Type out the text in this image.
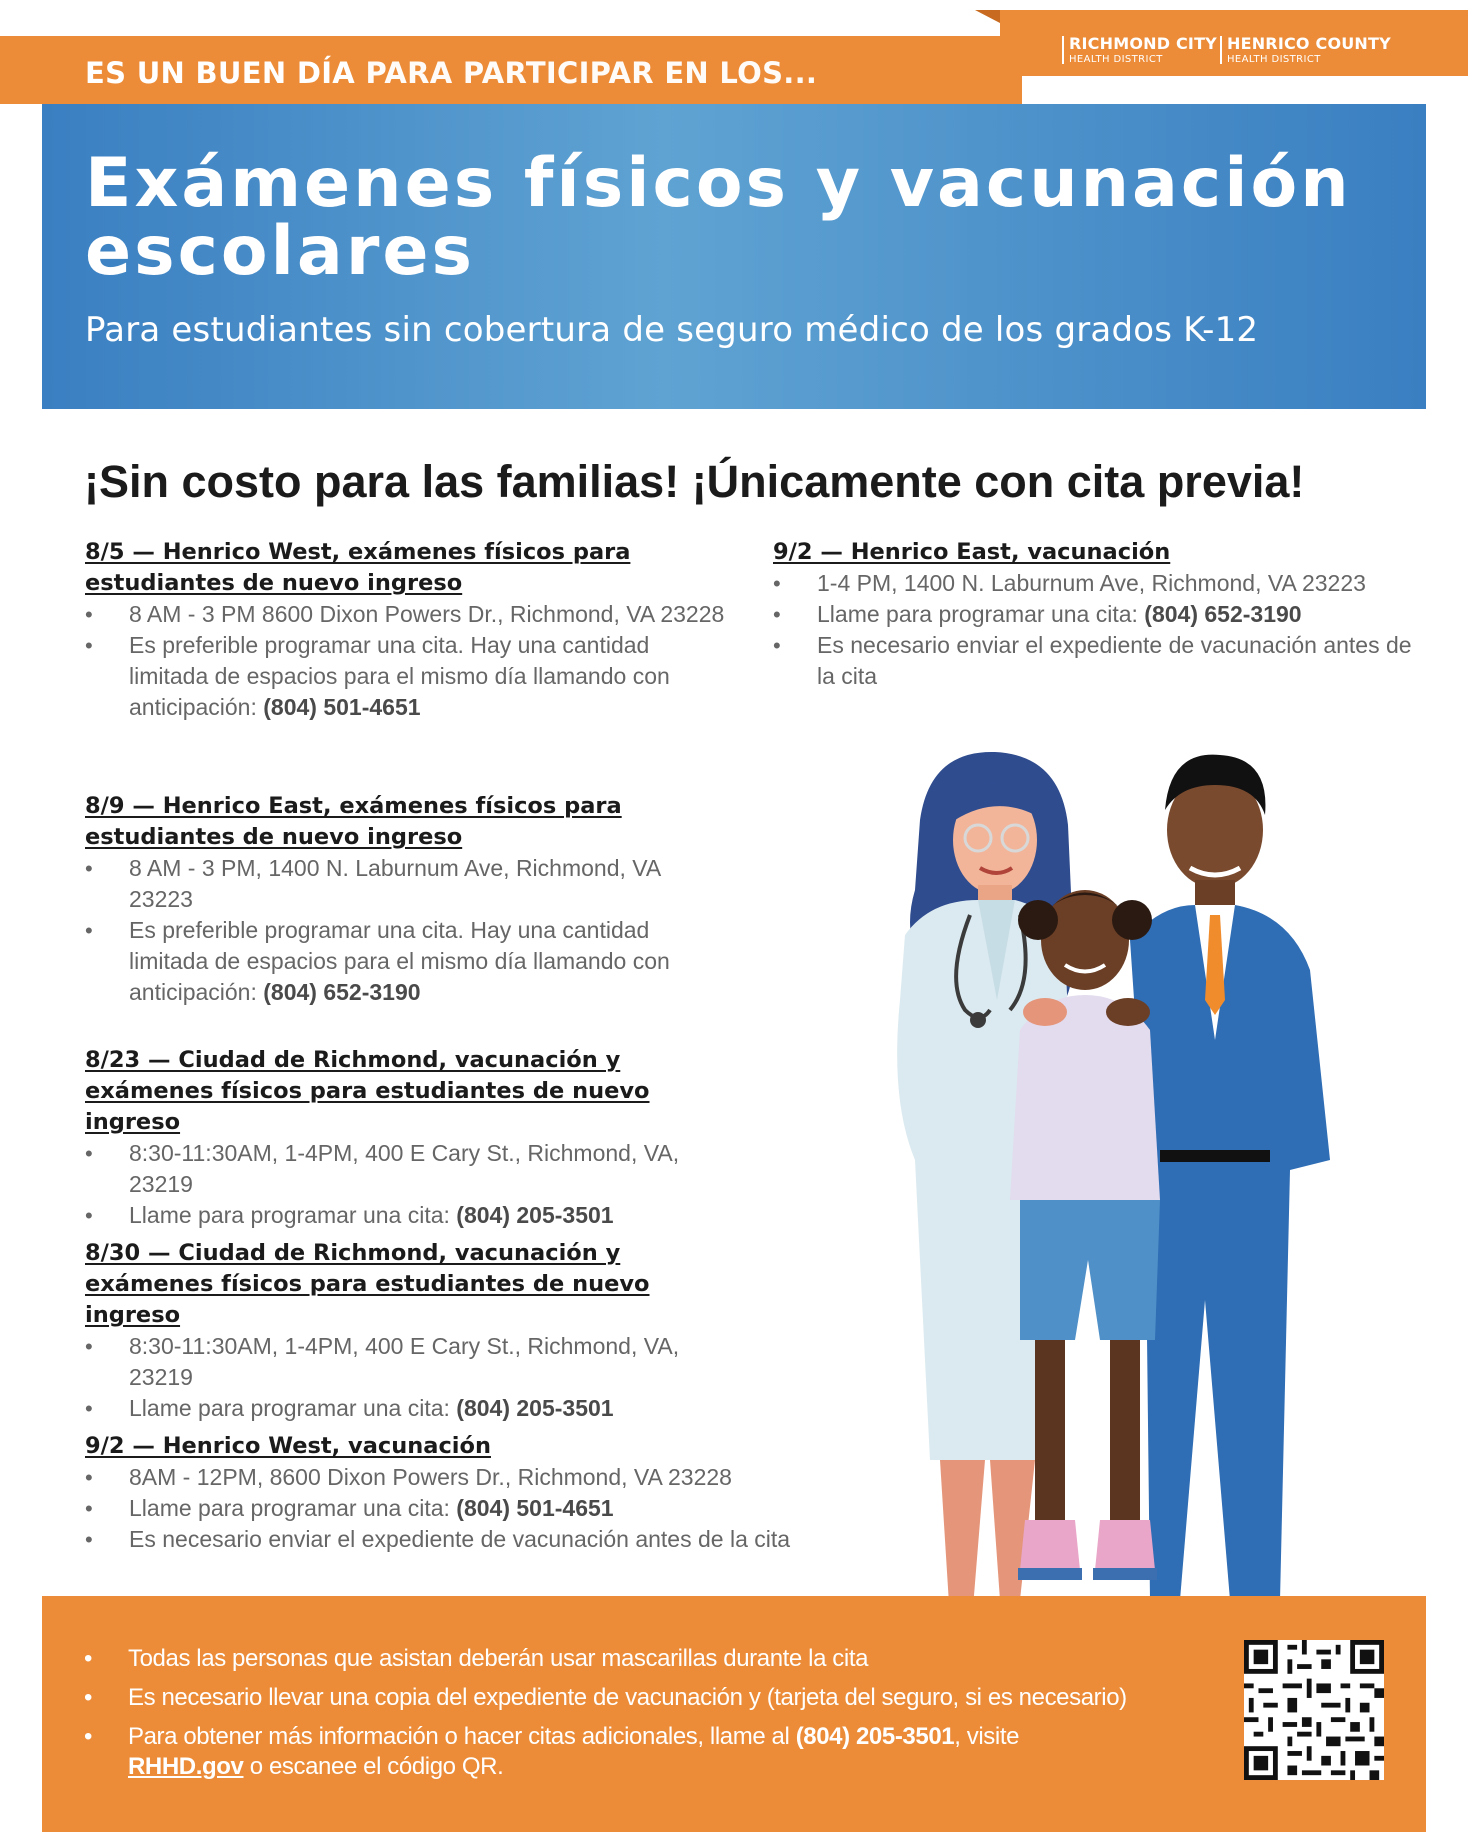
ES UN BUEN DÍA PARA PARTICIPAR EN LOS...
RICHMOND CITY
HEALTH DISTRICT
HENRICO COUNTY
HEALTH DISTRICT
Exámenes físicos y vacunación escolares
Para estudiantes sin cobertura de seguro médico de los grados K-12
¡Sin costo para las familias! ¡Únicamente con cita previa!
8/5 — Henrico West, exámenes físicos para estudiantes de nuevo ingreso
• 8 AM - 3 PM 8600 Dixon Powers Dr., Richmond, VA 23228
• Es preferible programar una cita. Hay una cantidad limitada de espacios para el mismo día llamando con anticipación: (804) 501-4651
8/9 — Henrico East, exámenes físicos para estudiantes de nuevo ingreso
• 8 AM - 3 PM, 1400 N. Laburnum Ave, Richmond, VA 23223
• Es preferible programar una cita. Hay una cantidad limitada de espacios para el mismo día llamando con anticipación: (804) 652-3190
8/23 — Ciudad de Richmond, vacunación y exámenes físicos para estudiantes de nuevo ingreso
• 8:30-11:30AM, 1-4PM, 400 E Cary St., Richmond, VA, 23219
• Llame para programar una cita: (804) 205-3501
8/30 — Ciudad de Richmond, vacunación y exámenes físicos para estudiantes de nuevo ingreso
• 8:30-11:30AM, 1-4PM, 400 E Cary St., Richmond, VA, 23219
• Llame para programar una cita: (804) 205-3501
9/2 — Henrico West, vacunación
• 8AM - 12PM, 8600 Dixon Powers Dr., Richmond, VA 23228
• Llame para programar una cita: (804) 501-4651
• Es necesario enviar el expediente de vacunación antes de la cita
9/2 — Henrico East, vacunación
• 1-4 PM, 1400 N. Laburnum Ave, Richmond, VA 23223
• Llame para programar una cita: (804) 652-3190
• Es necesario enviar el expediente de vacunación antes de la cita
• Todas las personas que asistan deberán usar mascarillas durante la cita
• Es necesario llevar una copia del expediente de vacunación y (tarjeta del seguro, si es necesario)
• Para obtener más información o hacer citas adicionales, llame al (804) 205-3501, visite
RHHD.gov o escanee el código QR.
